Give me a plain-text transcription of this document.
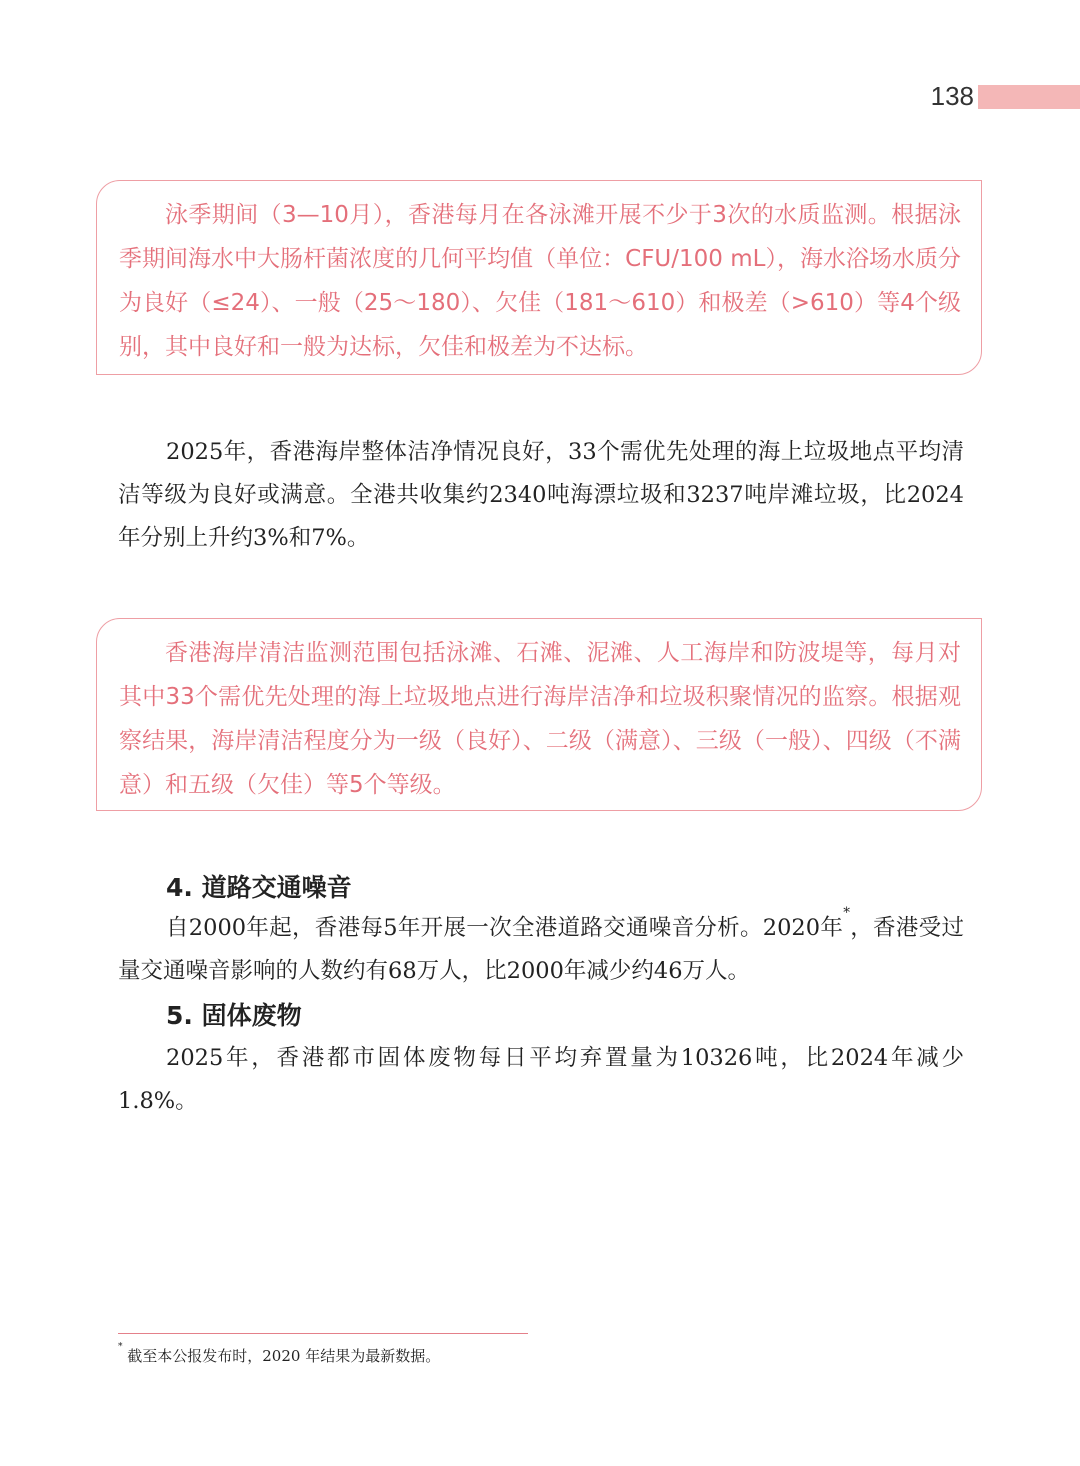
138
泳季期间（3—10月），香港每月在各泳滩开展不少于3次的水质监测。根据泳季期间海水中大肠杆菌浓度的几何平均值（单位：CFU/100 mL），海水浴场水质分为良好（≤24）、一般（25～180）、欠佳（181～610）和极差（>610）等4个级别，其中良好和一般为达标，欠佳和极差为不达标。

2025年，香港海岸整体洁净情况良好，33个需优先处理的海上垃圾地点平均清洁等级为良好或满意。全港共收集约2340吨海漂垃圾和3237吨岸滩垃圾，比2024年分别上升约3%和7%。

香港海岸清洁监测范围包括泳滩、石滩、泥滩、人工海岸和防波堤等，每月对其中33个需优先处理的海上垃圾地点进行海岸洁净和垃圾积聚情况的监察。根据观察结果，海岸清洁程度分为一级（良好）、二级（满意）、三级（一般）、四级（不满意）和五级（欠佳）等5个等级。
4. 道路交通噪音

自2000年起，香港每5年开展一次全港道路交通噪音分析。2020年*，香港受过量交通噪音影响的人数约有68万人，比2000年减少约46万人。

5. 固体废物

2025年，香港都市固体废物每日平均弃置量为10326吨，比2024年减少1.8%。

* 截至本公报发布时，2020 年结果为最新数据。
